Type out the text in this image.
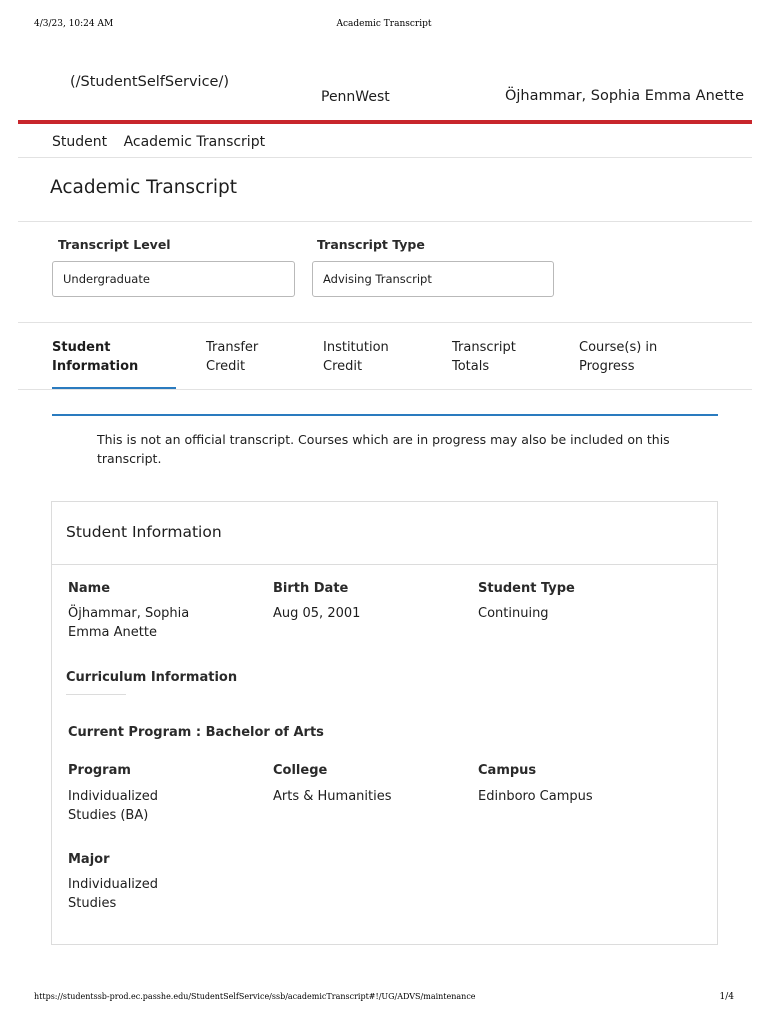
4/3/23, 10:24 AM	Academic Transcript
(/StudentSelfService/)
PennWest	Öjhammar, Sophia Emma Anette
Student Academic Transcript
Academic Transcript
Transcript Level
Undergraduate
Transcript Type
Advising Transcript
Student
Information
Transfer
Credit
Institution
Credit
Transcript
Totals
Course(s) in
Progress

This is not an official transcript. Courses which are in progress may also be included on this transcript.

Student Information
Name
Öjhammar, Sophia Emma Anette
Birth Date
Aug 05, 2001
Student Type
Continuing
Curriculum Information
Current Program : Bachelor of Arts
Program
Individualized Studies (BA)
College
Arts & Humanities
Campus
Edinboro Campus
Major
Individualized Studies
https://studentssb-prod.ec.passhe.edu/StudentSelfService/ssb/academicTranscript#!/UG/ADVS/maintenance	1/4
